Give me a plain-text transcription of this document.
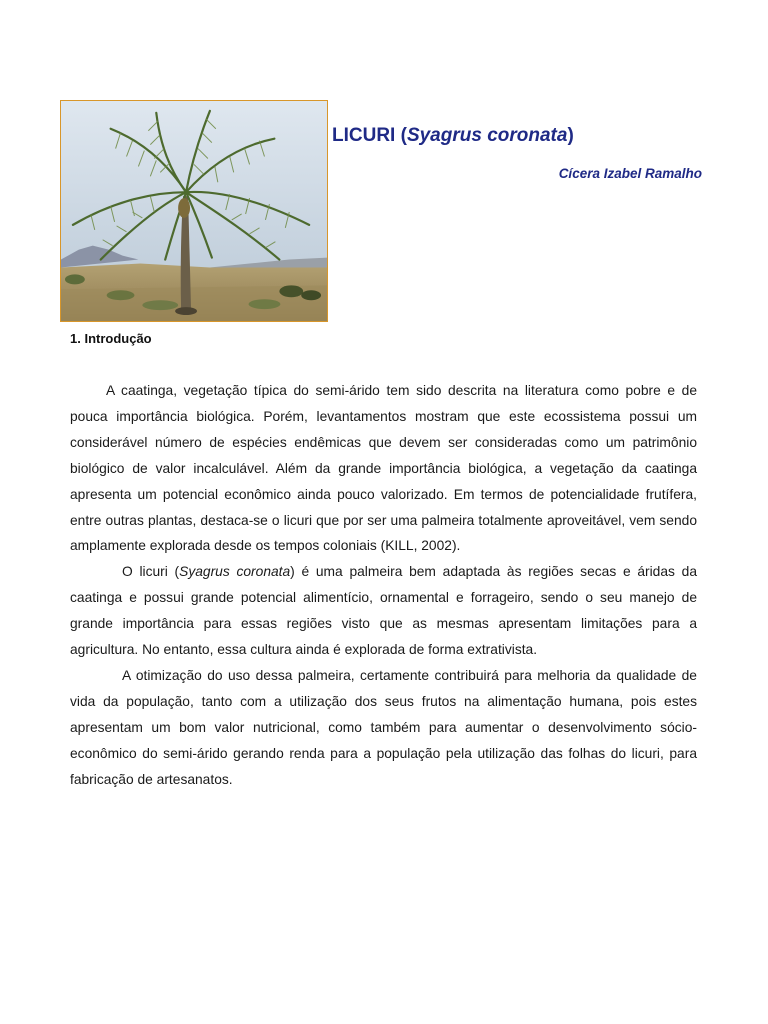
LICURI (Syagrus coronata)

Cícera Izabel Ramalho

1. Introdução

A caatinga, vegetação típica do semi-árido tem sido descrita na literatura como pobre e de pouca importância biológica. Porém, levantamentos mostram que este ecossistema possui um considerável número de espécies endêmicas que devem ser consideradas como um patrimônio biológico de valor incalculável. Além da grande importância biológica, a vegetação da caatinga apresenta um potencial econômico ainda pouco valorizado. Em termos de potencialidade frutífera, entre outras plantas, destaca-se o licuri que por ser uma palmeira totalmente aproveitável, vem sendo amplamente explorada desde os tempos coloniais (KILL, 2002).

O licuri (Syagrus coronata) é uma palmeira bem adaptada às regiões secas e áridas da caatinga e possui grande potencial alimentício, ornamental e forrageiro, sendo o seu manejo de grande importância para essas regiões visto que as mesmas apresentam limitações para a agricultura. No entanto, essa cultura ainda é explorada de forma extrativista.

A otimização do uso dessa palmeira, certamente contribuirá para melhoria da qualidade de vida da população, tanto com a utilização dos seus frutos na alimentação humana, pois estes apresentam um bom valor nutricional, como também para aumentar o desenvolvimento sócio-econômico do semi-árido gerando renda para a população pela utilização das folhas do licuri, para fabricação de artesanatos.
